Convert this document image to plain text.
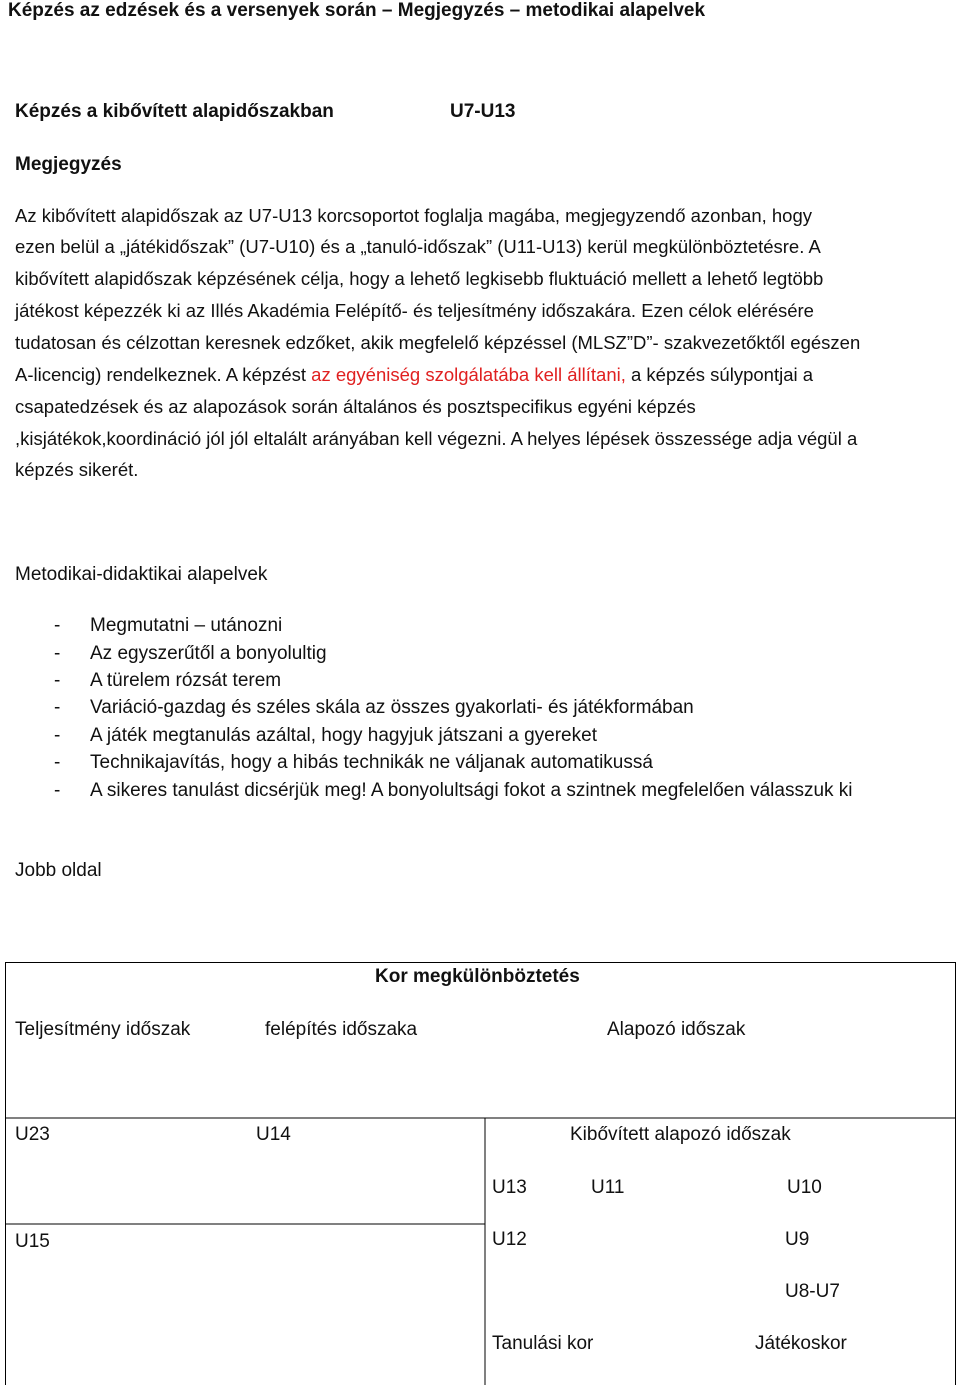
Képzés az edzések és a versenyek során – Megjegyzés – metodikai alapelvek
Képzés a kibővített alapidőszakban	U7-U13
Megjegyzés
Az kibővített alapidőszak az U7-U13 korcsoportot foglalja magába, megjegyzendő azonban, hogy
ezen belül a „játékidőszak” (U7-U10) és a „tanuló-időszak” (U11-U13) kerül megkülönböztetésre. A
kibővített alapidőszak képzésének célja, hogy a lehető legkisebb fluktuáció mellett a lehető legtöbb
játékost képezzék ki az Illés Akadémia Felépítő- és teljesítmény időszakára. Ezen célok elérésére
tudatosan és célzottan keresnek edzőket, akik megfelelő képzéssel (MLSZ”D”- szakvezetőktől egészen
A-licencig) rendelkeznek. A képzést az egyéniség szolgálatába kell állítani, a képzés súlypontjai a
csapatedzések és az alapozások során általános és posztspecifikus egyéni képzés
,kisjátékok,koordináció jól jól eltalált arányában kell végezni. A helyes lépések összessége adja végül a
képzés sikerét.
Metodikai-didaktikai alapelvek
- Megmutatni – utánozni
- Az egyszerűtől a bonyolultig
- A türelem rózsát terem
- Variáció-gazdag és széles skála az összes gyakorlati- és játékformában
- A játék megtanulás azáltal, hogy hagyjuk játszani a gyereket
- Technikajavítás, hogy a hibás technikák ne váljanak automatikussá
- A sikeres tanulást dicsérjük meg! A bonyolultsági fokot a szintnek megfelelően válasszuk ki
Jobb oldal
Kor megkülönböztetés
Teljesítmény időszak	felépítés időszaka	Alapozó időszak
U23	U14	Kibővített alapozó időszak
U13	U11	U10
U15	U12	U9
U8-U7
Tanulási kor	Játékoskor
